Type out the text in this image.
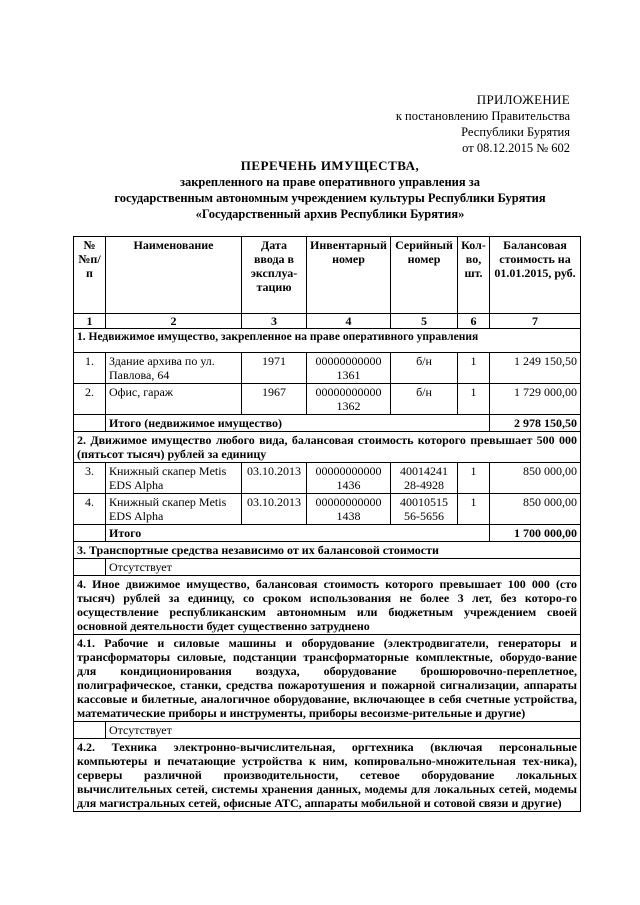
ПРИЛОЖЕНИЕ
к постановлению Правительства
Республики Бурятия
от 08.12.2015 № 602
ПЕРЕЧЕНЬ ИМУЩЕСТВА,
закрепленного на праве оперативного управления за
государственным автономным учреждением культуры Республики Бурятия
«Государственный архив Республики Бурятия»
№ №п/п	Наименование	Дата ввода в эксплуа-тацию	Инвентарный номер	Серийный номер	Кол-во, шт.	Балансовая стоимость на 01.01.2015, руб.
1	2	3	4	5	6	7
1. Недвижимое имущество, закрепленное на праве оперативного управления						
1.	Здание архива по ул. Павлова, 64	1971	00000000000 1361	б/н	1	1 249 150,50
2.	Офис, гараж	1967	00000000000 1362	б/н	1	1 729 000,00
	Итого (недвижимое имущество)					2 978 150,50
2. Движимое имущество любого вида, балансовая стоимость которого превышает 500 000 (пятьсот тысяч) рублей за единицу						
3.	Книжный скапер Metis EDS Alpha	03.10.2013	00000000000 1436	40014241 28-4928	1	850 000,00
4.	Книжный скапер Metis EDS Alpha	03.10.2013	00000000000 1438	40010515 56-5656	1	850 000,00
	Итого					1 700 000,00
3. Транспортные средства независимо от их балансовой стоимости						
	Отсутствует					
4. Иное движимое имущество, балансовая стоимость которого превышает 100 000 (сто тысяч) рублей за единицу, со сроком использования не более 3 лет, без которо-го осуществление республиканским автономным или бюджетным учреждением своей основной деятельности будет существенно затруднено						
4.1. Рабочие и силовые машины и оборудование (электродвигатели, генераторы и трансформаторы силовые, подстанции трансформаторные комплектные, оборудо-вание для кондиционирования воздуха, оборудование брошюровочно-переплетное, полиграфическое, станки, средства пожаротушения и пожарной сигнализации, аппараты кассовые и билетные, аналогичное оборудование, включающее в себя счетные устройства, математические приборы и инструменты, приборы весоизме-рительные и другие)						
	Отсутствует					
4.2. Техника электронно-вычислительная, оргтехника (включая персональные компьютеры и печатающие устройства к ним, копировально-множительная тех-ника), серверы различной производительности, сетевое оборудование локальных вычислительных сетей, системы хранения данных, модемы для локальных сетей, модемы для магистральных сетей, офисные АТС, аппараты мобильной и сотовой связи и другие)						
